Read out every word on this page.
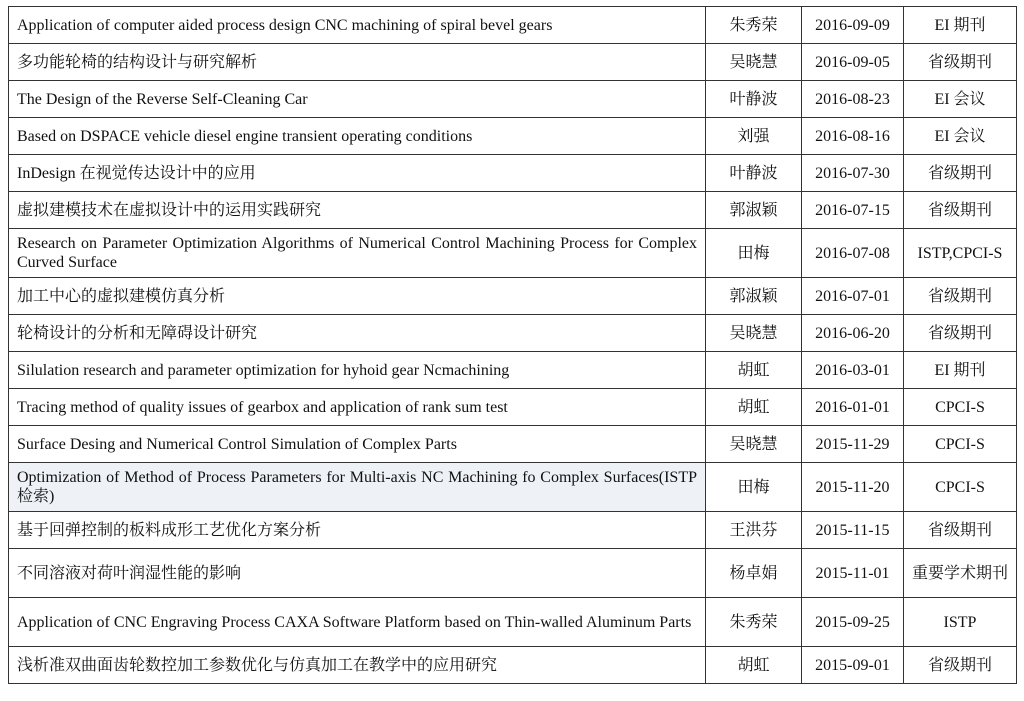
Application of computer aided process design CNC machining of spiral bevel gears	朱秀荣	2016-09-09	EI 期刊
多功能轮椅的结构设计与研究解析	吴晓慧	2016-09-05	省级期刊
The Design of the Reverse Self-Cleaning Car	叶静波	2016-08-23	EI 会议
Based on DSPACE vehicle diesel engine transient operating conditions	刘强	2016-08-16	EI 会议
InDesign 在视觉传达设计中的应用	叶静波	2016-07-30	省级期刊
虚拟建模技术在虚拟设计中的运用实践研究	郭淑颖	2016-07-15	省级期刊
Research on Parameter Optimization Algorithms of Numerical Control Machining Process for Complex Curved Surface	田梅	2016-07-08	ISTP,CPCI-S
加工中心的虚拟建模仿真分析	郭淑颖	2016-07-01	省级期刊
轮椅设计的分析和无障碍设计研究	吴晓慧	2016-06-20	省级期刊
Silulation research and parameter optimization for hyhoid gear Ncmachining	胡虹	2016-03-01	EI 期刊
Tracing method of quality issues of gearbox and application of rank sum test	胡虹	2016-01-01	CPCI-S
Surface Desing and Numerical Control Simulation of Complex Parts	吴晓慧	2015-11-29	CPCI-S
Optimization of Method of Process Parameters for Multi-axis NC Machining fo Complex Surfaces(ISTP 检索)	田梅	2015-11-20	CPCI-S
基于回弹控制的板料成形工艺优化方案分析	王洪芬	2015-11-15	省级期刊
不同溶液对荷叶润湿性能的影响	杨卓娟	2015-11-01	重要学术期刊
Application of CNC Engraving Process CAXA Software Platform based on Thin-walled Aluminum Parts	朱秀荣	2015-09-25	ISTP
浅析准双曲面齿轮数控加工参数优化与仿真加工在教学中的应用研究	胡虹	2015-09-01	省级期刊
